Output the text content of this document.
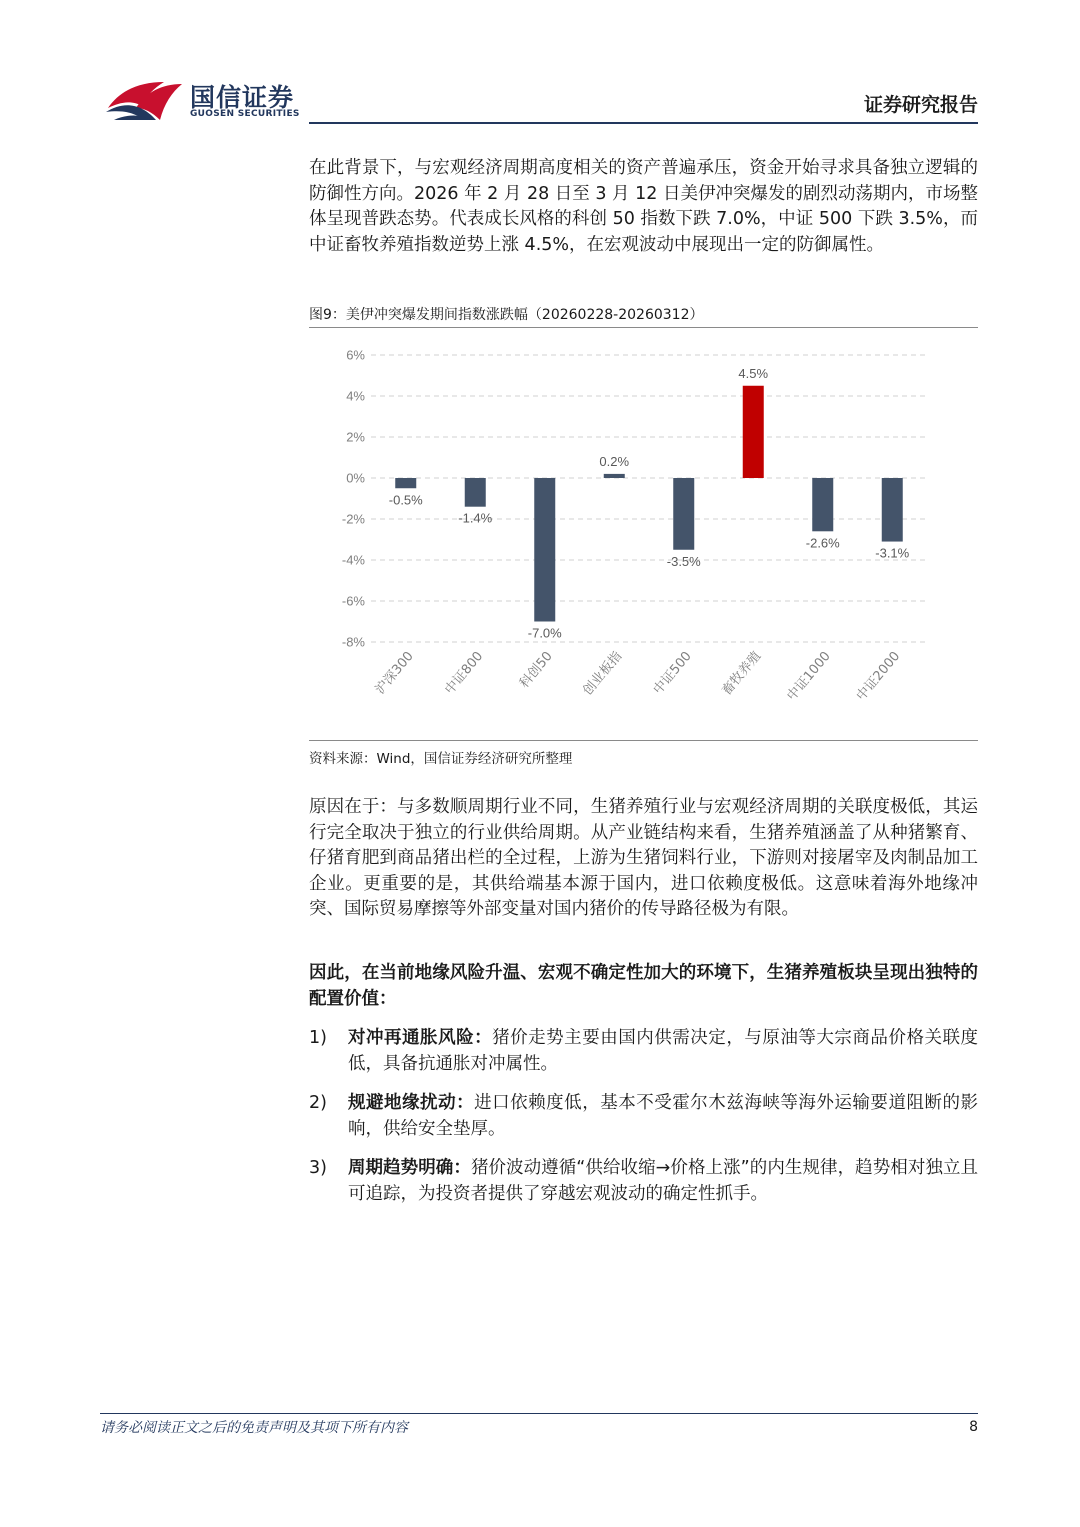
国信证券
GUOSEN SECURITIES	证券研究报告

在此背景下，与宏观经济周期高度相关的资产普遍承压，资金开始寻求具备独立逻辑的防御性方向。2026 年 2 月 28 日至 3 月 12 日美伊冲突爆发的剧烈动荡期内，市场整体呈现普跌态势。代表成长风格的科创 50 指数下跌 7.0%，中证 500 下跌 3.5%，而中证畜牧养殖指数逆势上涨 4.5%，在宏观波动中展现出一定的防御属性。

图9：美伊冲突爆发期间指数涨跌幅（20260228-20260312）
6%
4%
2%
0%
-2%
-4%
-6%
-8%
-0.5%
-1.4%
-7.0%
0.2%
-3.5%
4.5%
-2.6%
-3.1%
沪深300 中证800 科创50 创业板指 中证500 畜牧养殖 中证1000 中证2000
资料来源：Wind，国信证券经济研究所整理

原因在于：与多数顺周期行业不同，生猪养殖行业与宏观经济周期的关联度极低，其运行完全取决于独立的行业供给周期。从产业链结构来看，生猪养殖涵盖了从种猪繁育、仔猪育肥到商品猪出栏的全过程，上游为生猪饲料行业，下游则对接屠宰及肉制品加工企业。更重要的是，其供给端基本源于国内，进口依赖度极低。这意味着海外地缘冲突、国际贸易摩擦等外部变量对国内猪价的传导路径极为有限。

因此，在当前地缘风险升温、宏观不确定性加大的环境下，生猪养殖板块呈现出独特的配置价值：

1) 对冲再通胀风险：猪价走势主要由国内供需决定，与原油等大宗商品价格关联度低，具备抗通胀对冲属性。
2) 规避地缘扰动：进口依赖度低，基本不受霍尔木兹海峡等海外运输要道阻断的影响，供给安全垫厚。
3) 周期趋势明确：猪价波动遵循“供给收缩→价格上涨”的内生规律，趋势相对独立且可追踪，为投资者提供了穿越宏观波动的确定性抓手。
请务必阅读正文之后的免责声明及其项下所有内容	8
